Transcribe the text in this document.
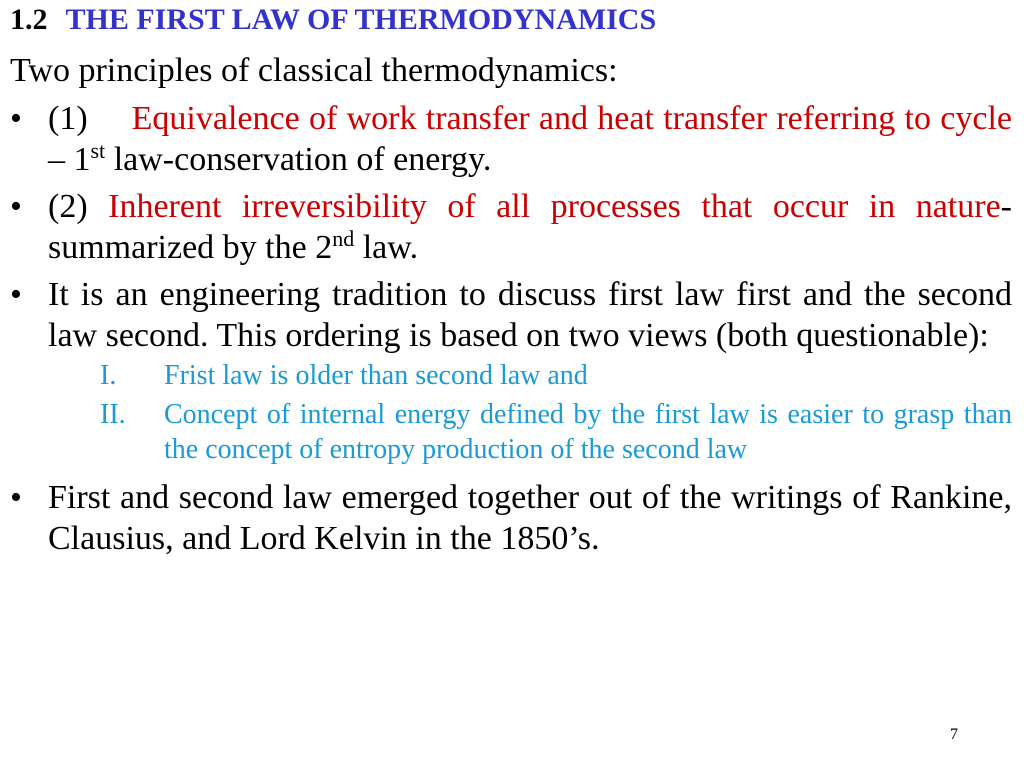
1.2 THE FIRST LAW OF THERMODYNAMICS
Two principles of classical thermodynamics:
• (1) Equivalence of work transfer and heat transfer referring to cycle – 1st law-conservation of energy.
• (2) Inherent irreversibility of all processes that occur in nature- summarized by the 2nd law.
• It is an engineering tradition to discuss first law first and the second law second. This ordering is based on two views (both questionable):
I.	Frist law is older than second law and
II.	Concept of internal energy defined by the first law is easier to grasp than the concept of entropy production of the second law
• First and second law emerged together out of the writings of Rankine, Clausius, and Lord Kelvin in the 1850’s.
7
